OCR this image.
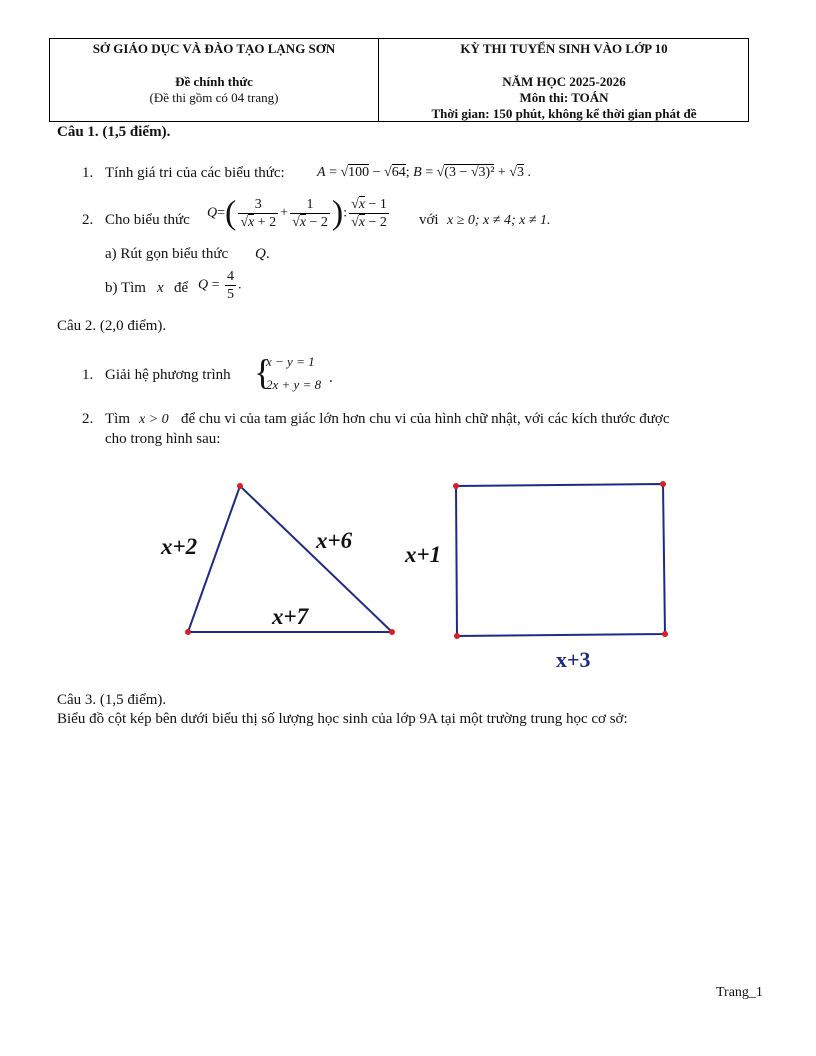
SỞ GIÁO DỤC VÀ ĐÀO TẠO LẠNG SƠN
Đề chính thức
(Đề thi gồm có 04 trang)
KỲ THI TUYỂN SINH VÀO LỚP 10
NĂM HỌC 2025-2026
Môn thi: TOÁN
Thời gian: 150 phút, không kể thời gian phát đề
Câu 1. (1,5 điểm).
1. Tính giá tri của các biểu thức: A = √100 − √64; B = √(3 − √3)² + √3 .
2. Cho biểu thức $Q=( \frac{3}{√x + 2} + \frac{1}{√x - 2}$ ): $\frac{√x - 1}{√x - 2}$ với x ≥ 0; x ≠ 4; x ≠ 1.
a) Rút gọn biểu thức Q .
b) Tìm x để $Q = \frac{4}{5}$ .
Câu 2. (2,0 điểm).
1. Giải hệ phương trình {
x − y = 1
2x + y = 8 .
2. Tìm x > 0 để chu vi của tam giác lớn hơn chu vi của hình chữ nhật, với các kích thước được
cho trong hình sau:
x+2	x+6
x+7
x+1
x+3
Câu 3. (1,5 điểm).
Biểu đồ cột kép bên dưới biểu thị số lượng học sinh của lớp 9A tại một trường trung học cơ sở:
Trang_1
